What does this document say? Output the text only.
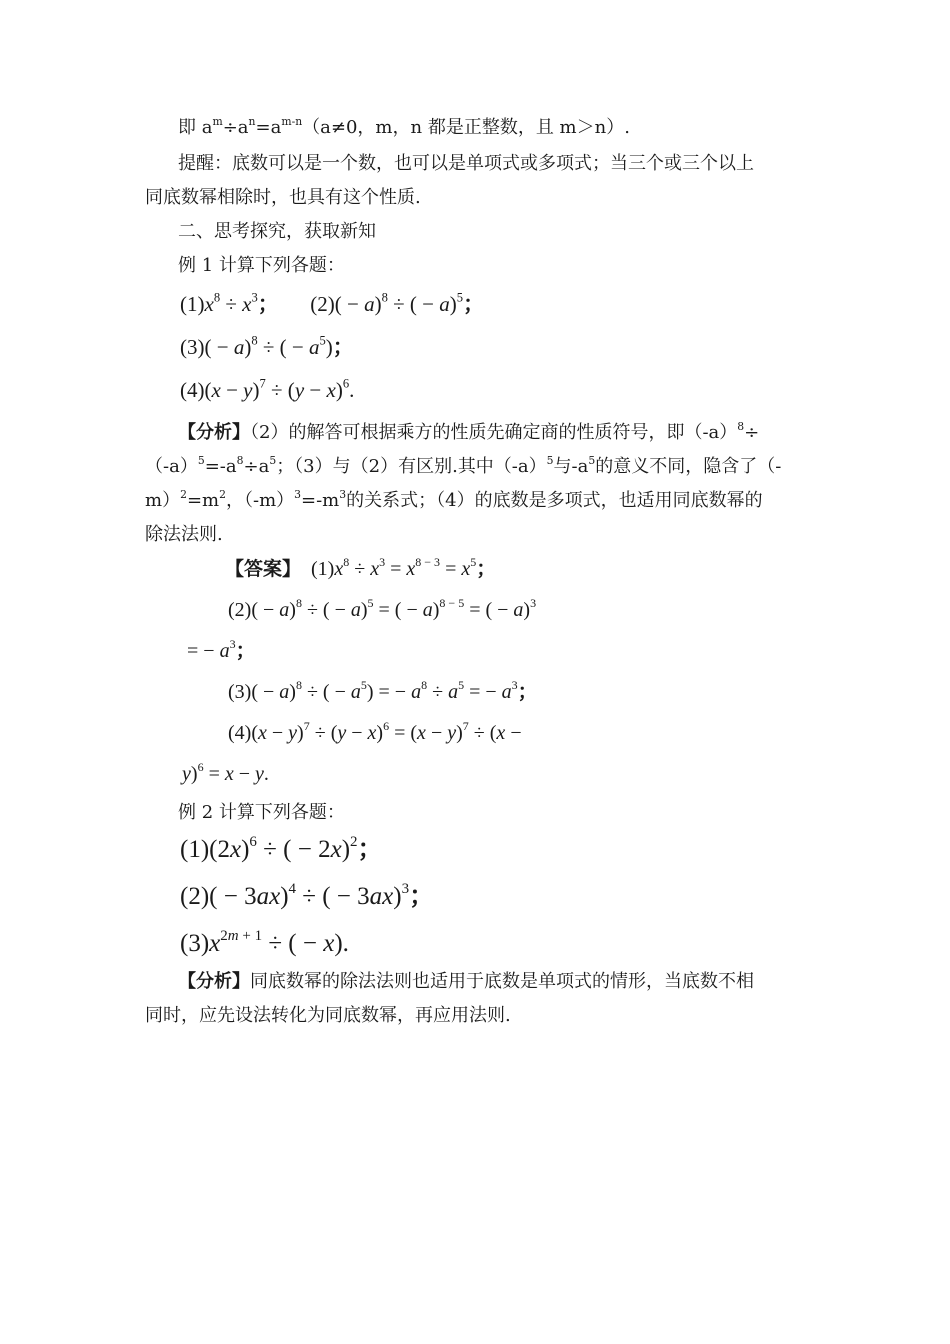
即 $a^m\div a^n=a^{m-n}(a\ne 0$，m，n 都是正整数，且 m＞n）.
提醒：底数可以是一个数，也可以是单项式或多项式；当三个或三个以上
同底数幂相除时，也具有这个性质.
二、思考探究，获取新知
例 1 计算下列各题：
$(1)x^8 \div x^3$；      $(2)( - a)^8$ ÷ ( − a)$^5$；
$(3)( - a)^8$ ÷ ( − $a^5$)；
$(4)(x - y)^7 \div (y - x)^6$.
【分析】（2）的解答可根据乘方的性质先确定商的性质符号，即$(-a)^8\div$
$(-a)^5=-a^8\div a^5$；（3）与（2）有区别.其中$(-a)^5$与$-a^5$的意义不同，隐含了（-
$m)^2=m^2$，$(-m)^3=-m^3$的关系式；（4）的底数是多项式，也适用同底数幂的
除法法则.
【答案】  $(1)x^8 \div x^3 = x^{8 - 3} = x^5$；
$(2)( - a)^8$ ÷ ( − a)$^5$ = ( − a)$^{8 - 5}$ = ( − a)$^3$
= − $a^3$；
$(3)( - a)^8$ ÷ ( − $a^5$) = − $a^8 \div a^5$ = − $a^3$；
$(4)(x - y)^7 \div (y - x)^6 = (x - y)^7 \div (x$ −
y)$^6$ = x − y.
例 2 计算下列各题：
$(1)(2x)^6$ ÷ ( − 2x)$^2$；
$(2)( - 3ax)^4$ ÷ ( − 3ax)$^3$；
$(3)x^{2m + 1}$ ÷ ( − x).
【分析】同底数幂的除法法则也适用于底数是单项式的情形，当底数不相
同时，应先设法转化为同底数幂，再应用法则.
